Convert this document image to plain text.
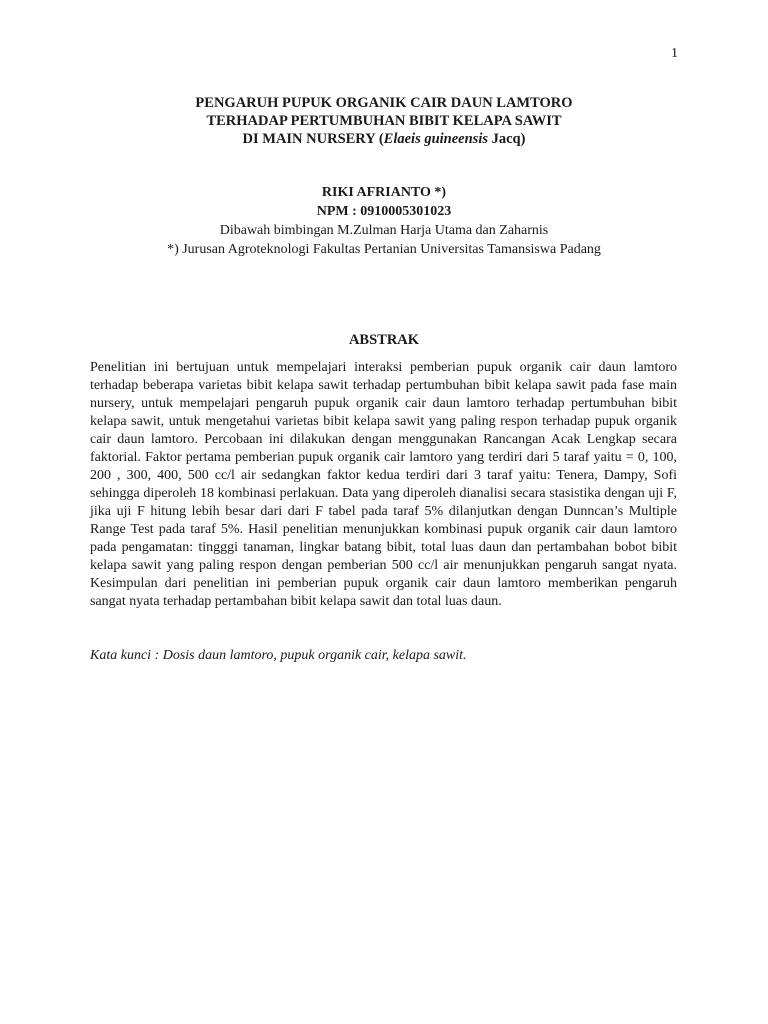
1
PENGARUH PUPUK ORGANIK CAIR DAUN LAMTORO
TERHADAP PERTUMBUHAN BIBIT KELAPA SAWIT
DI MAIN NURSERY (Elaeis guineensis Jacq)
RIKI AFRIANTO *)
NPM : 0910005301023
Dibawah bimbingan M.Zulman Harja Utama dan Zaharnis
*) Jurusan Agroteknologi Fakultas Pertanian Universitas Tamansiswa Padang
ABSTRAK

Penelitian ini bertujuan untuk mempelajari interaksi pemberian pupuk organik cair daun lamtoro terhadap beberapa varietas bibit kelapa sawit terhadap pertumbuhan bibit kelapa sawit pada fase main nursery, untuk mempelajari pengaruh pupuk organik cair daun lamtoro terhadap pertumbuhan bibit kelapa sawit, untuk mengetahui varietas bibit kelapa sawit yang paling respon terhadap pupuk organik cair daun lamtoro. Percobaan ini dilakukan dengan menggunakan Rancangan Acak Lengkap secara faktorial. Faktor pertama pemberian pupuk organik cair lamtoro yang terdiri dari 5 taraf yaitu = 0, 100, 200 , 300, 400, 500 cc/l air sedangkan faktor kedua terdiri dari 3 taraf yaitu: Tenera, Dampy, Sofi sehingga diperoleh 18 kombinasi perlakuan. Data yang diperoleh dianalisi secara stasistika dengan uji F, jika uji F hitung lebih besar dari dari F tabel pada taraf 5% dilanjutkan dengan Dunncan’s Multiple Range Test pada taraf 5%. Hasil penelitian menunjukkan kombinasi pupuk organik cair daun lamtoro pada pengamatan: tingggi tanaman, lingkar batang bibit, total luas daun dan pertambahan bobot bibit kelapa sawit yang paling respon dengan pemberian 500 cc/l air menunjukkan pengaruh sangat nyata. Kesimpulan dari penelitian ini pemberian pupuk organik cair daun lamtoro memberikan pengaruh sangat nyata terhadap pertambahan bibit kelapa sawit dan total luas daun.

Kata kunci : Dosis daun lamtoro, pupuk organik cair, kelapa sawit.
